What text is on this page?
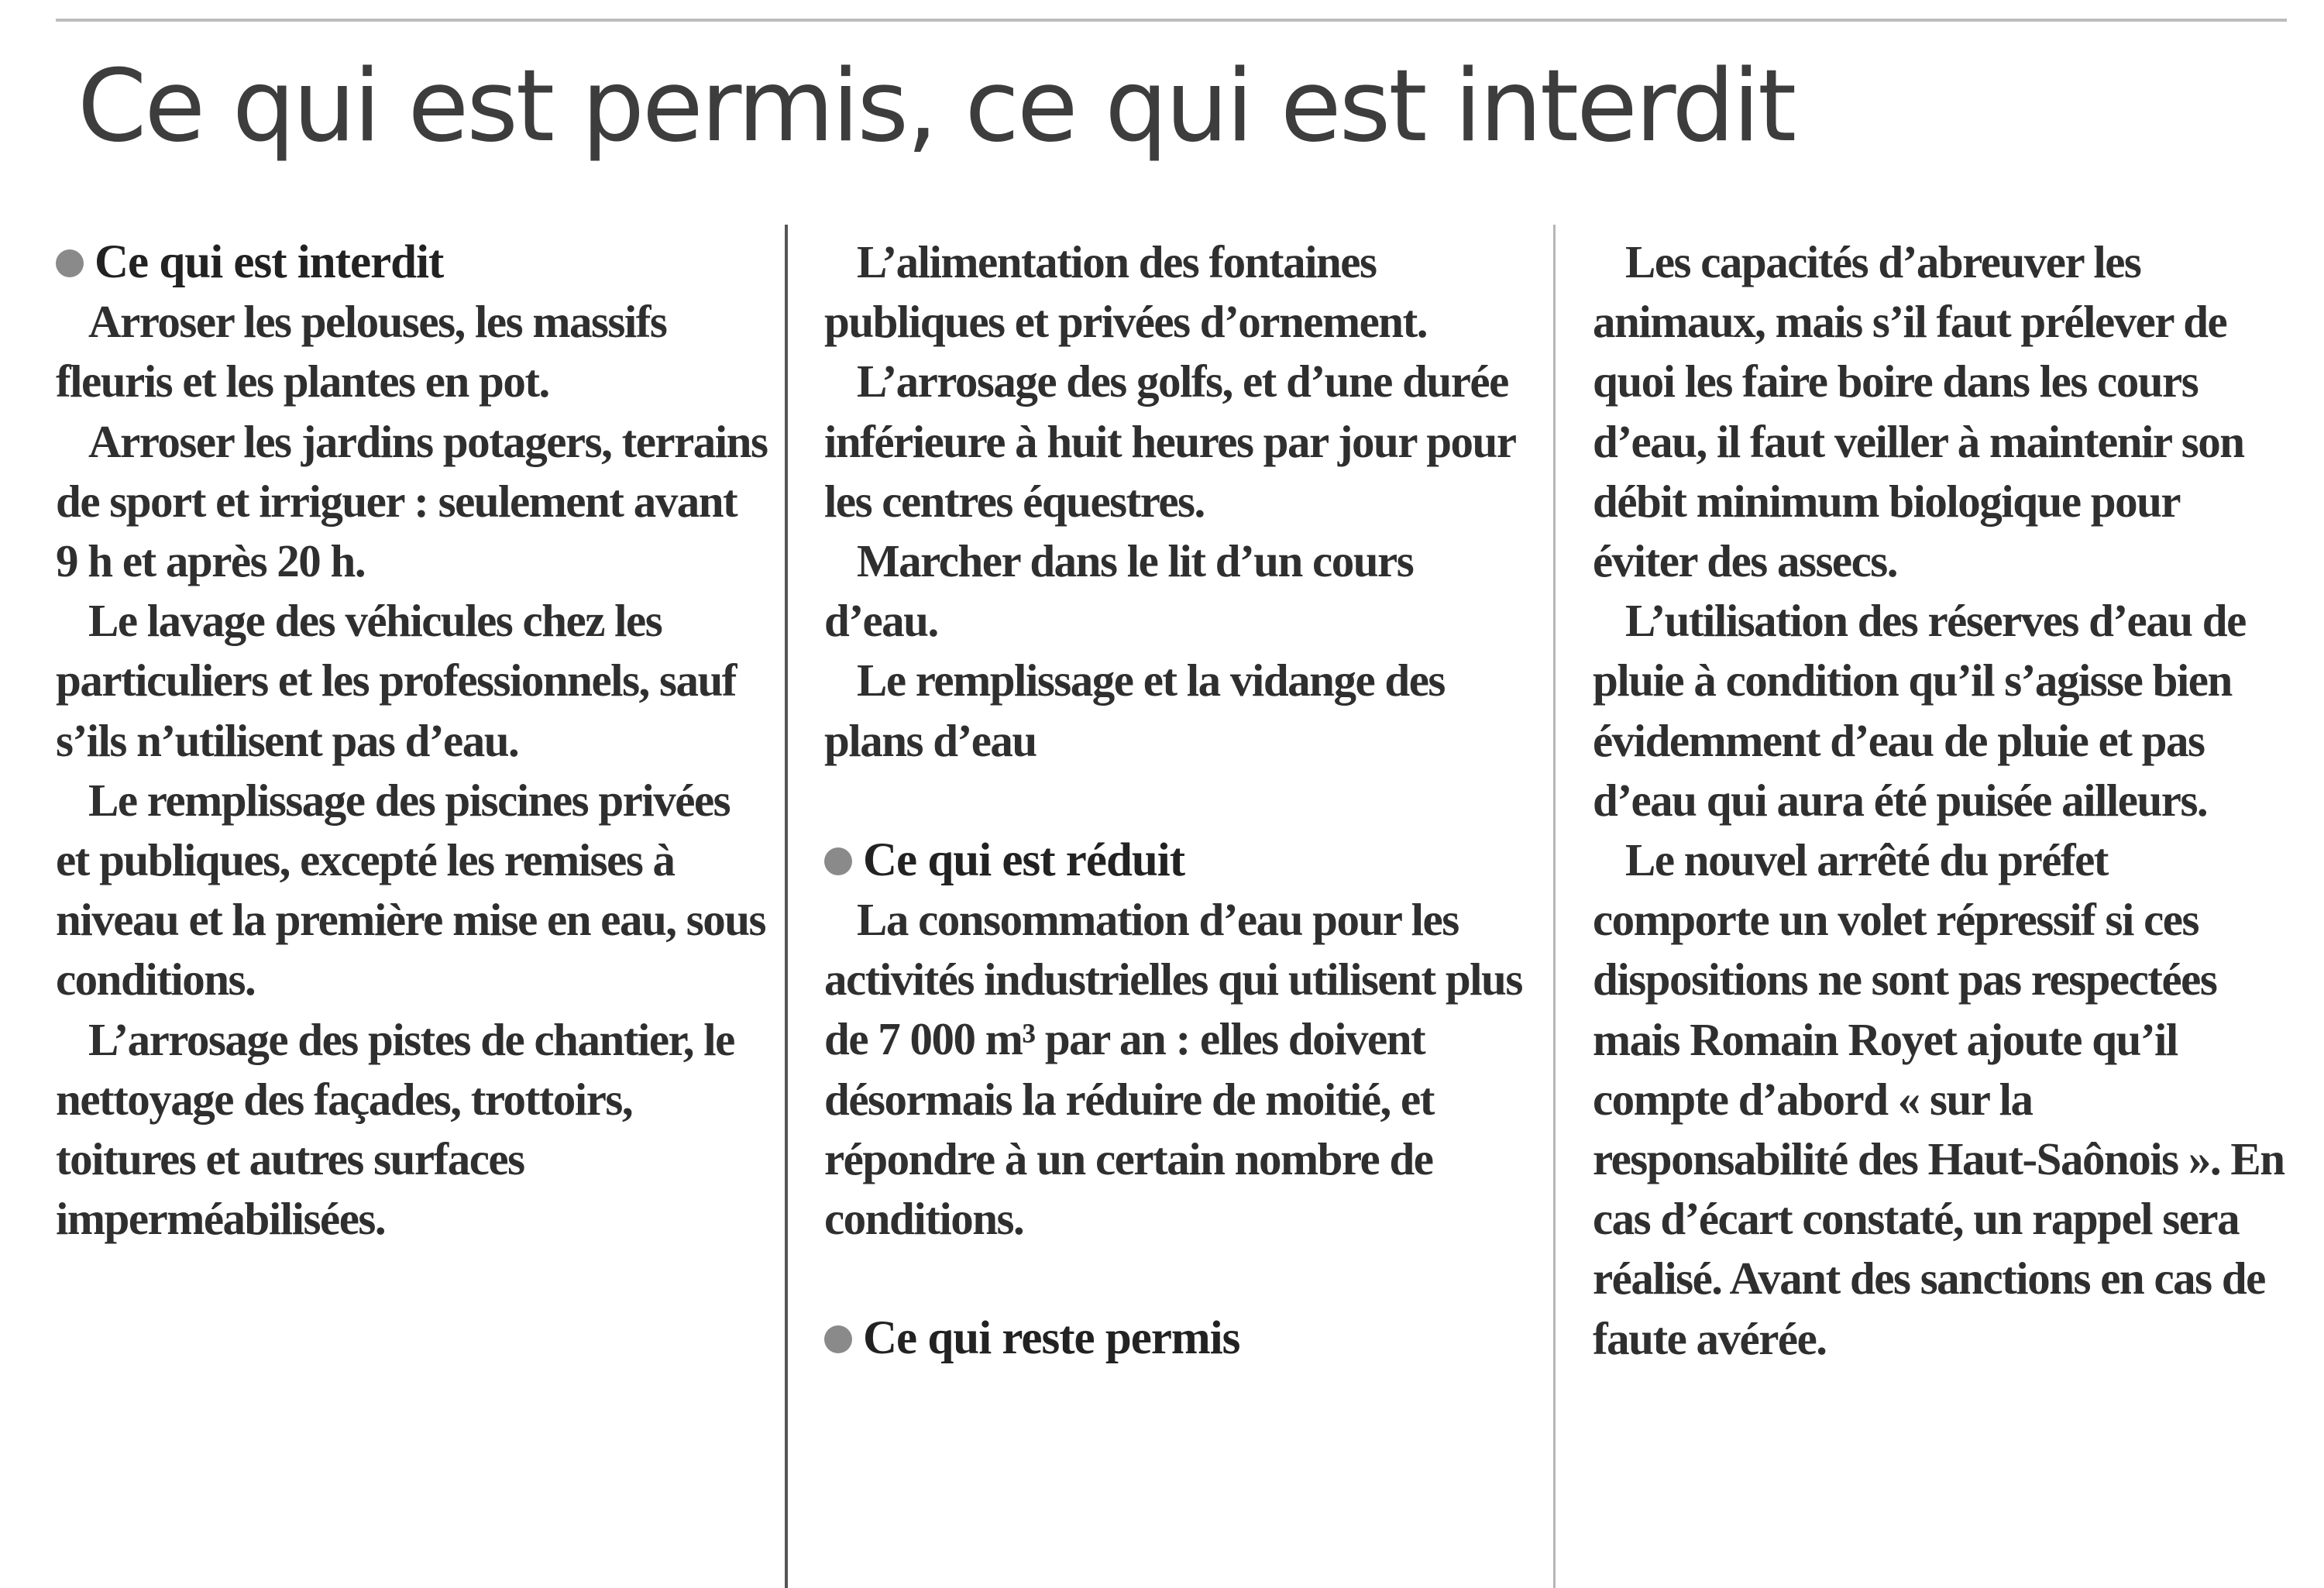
Ce qui est permis, ce qui est interdit
Ce qui est interdit

Arroser les pelouses, les massifs fleuris et les plantes en pot.

Arroser les jardins potagers, terrains de sport et irriguer : seulement avant 9 h et après 20 h.

Le lavage des véhicules chez les particuliers et les professionnels, sauf s’ils n’utilisent pas d’eau.

Le remplissage des piscines privées et publiques, excepté les remises à niveau et la première mise en eau, sous conditions.

L’arrosage des pistes de chantier, le nettoyage des façades, trottoirs, toitures et autres surfaces imperméabilisées.

L’alimentation des fontaines publiques et privées d’ornement.

L’arrosage des golfs, et d’une durée inférieure à huit heures par jour pour les centres équestres.

Marcher dans le lit d’un cours d’eau.

Le remplissage et la vidange des plans d’eau

Ce qui est réduit

La consommation d’eau pour les activités industrielles qui utilisent plus de 7 000 m³ par an : elles doivent désormais la réduire de moitié, et répondre à un certain nombre de conditions.

Ce qui reste permis

Les capacités d’abreuver les animaux, mais s’il faut prélever de quoi les faire boire dans les cours d’eau, il faut veiller à maintenir son débit minimum biologique pour éviter des assecs.

L’utilisation des réserves d’eau de pluie à condition qu’il s’agisse bien évidemment d’eau de pluie et pas d’eau qui aura été puisée ailleurs.

Le nouvel arrêté du préfet comporte un volet répressif si ces dispositions ne sont pas respectées mais Romain Royet ajoute qu’il compte d’abord « sur la responsabilité des Haut-Saônois ». En cas d’écart constaté, un rappel sera réalisé. Avant des sanctions en cas de faute avérée.
